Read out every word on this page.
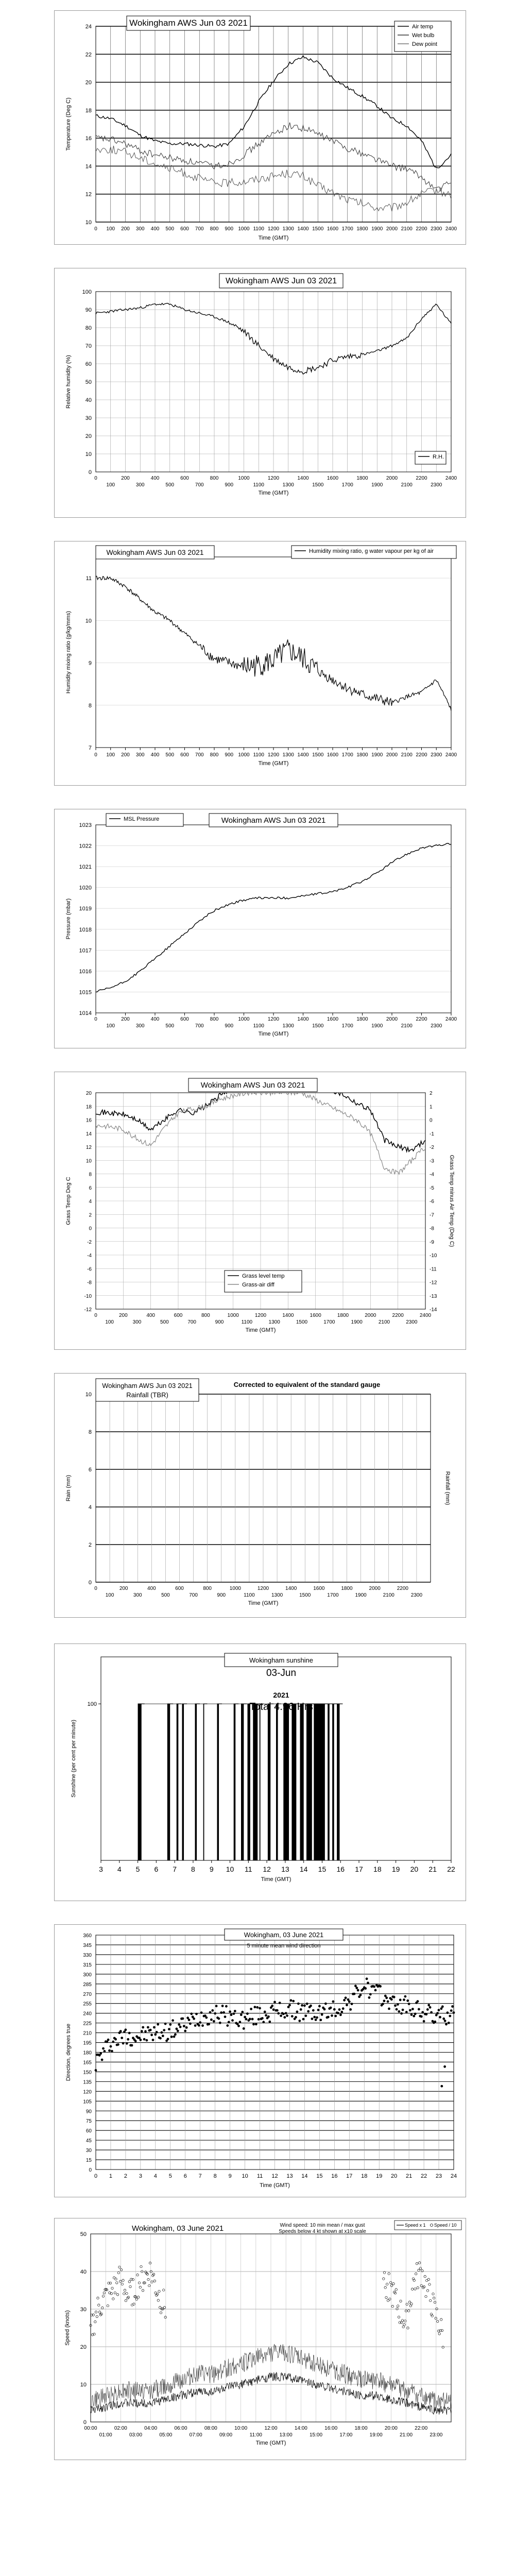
10
12
14
16
18
20
22
24
0 100 200 300 400 500 600 700 800 900 1000 1100 1200 1300 1400 1500 1600 1700 1800 1900 2000 2100 2200 2300 2400
Wokingham AWS Jun 03 2021	Air temp
Wet bulb
Dew point
Time (GMT)
Temperature (Deg C)
0
10
20
30
40
50
60
70
80
90
100
0	200	400	600	800	1000	1200	1400	1600	1800	2000	2200	2400
100	300	500	700	900	1100	1300	1500	1700	1900	2100	2300
Wokingham AWS Jun 03 2021
R.H.
Time (GMT)
Relative humidity (%)
7
8
9
10
11
0 100 200 300 400 500 600 700 800 900 1000 1100 1200 1300 1400 1500 1600 1700 1800 1900 2000 2100 2200 2300 2400
Wokingham AWS Jun 03 2021	Humidity mixing ratio, g water vapour per kg of air
Time (GMT)
Humidity mixing ratio (g/kg/mms)
1014
1015
1016
1017
1018
1019
1020
1021
1022
1023
0	200	400	600	800	1000	1200	1400	1600	1800	2000	2200	2400
100	300	500	700	900	1100	1300	1500	1700	1900	2100	2300
Wokingham AWS Jun 03 2021
MSL Pressure
Time (GMT)
Pressure (mbar)
-12
-10
-8
-6
-4
-2
0
2
4
6
8
10
12
14
16
18
20
-14
-13
-12
-11
-10
-9
-8
-7
-6
-5
-4
-3
-2
-1
0
1
2
0	200	400	600	800	1000	1200	1400	1600	1800	2000	2200	2400
100	300	500	700	900	1100	1300	1500	1700	1900	2100	2300
Wokingham AWS Jun 03 2021
Grass level temp
Grass-air diff
Time (GMT)
Grass Temp Deg C	Grass Temp minus Air Temp (Deg C)
0
2
4
6
8
10
0	200	400	600	800	1000	1200	1400	1600	1800	2000	2200
100	300	500	700	900	1100	1300	1500	1700	1900	2100	2300
Wokingham AWS Jun 03 2021
Rainfall (TBR)
Corrected to equivalent of the standard gauge
Time (GMT)
Rain (mm)	Rainfall (mm)
100
3 4 5 6 7 8 9 10 11 12 13 14 15 16 17 18 19 20 21 22
Wokingham sunshine
03-Jun
2021
Total 4.96 Hrs
Time (GMT)
Sunshine (per cent per minute)
0
15
30
45
60
75
90
105
120
135
150
165
180
195
210
225
240
255
270
285
300
315
330
345
360
0 1 2 3 4 5 6 7 8 9 10 11 12 13 14 15 16 17 18 19 20 21 22 23 24
Wokingham, 03 June 2021
5 minute mean wind direction
Time (GMT)
Direction, degrees true
0
10
20
30
40
50
00:00	02:00	04:00	06:00	08:00	10:00	12:00	14:00	16:00	18:00	20:00	22:00
01:00	03:00	05:00	07:00	09:00	11:00	13:00	15:00	17:00	19:00	21:00	23:00
Wokingham, 03 June 2021	Wind speed: 10 min mean / max gust
Speeds below 4 kt shown at x10 scale
Speed x 1 Speed / 10
Time (GMT)
Speed (knots)
